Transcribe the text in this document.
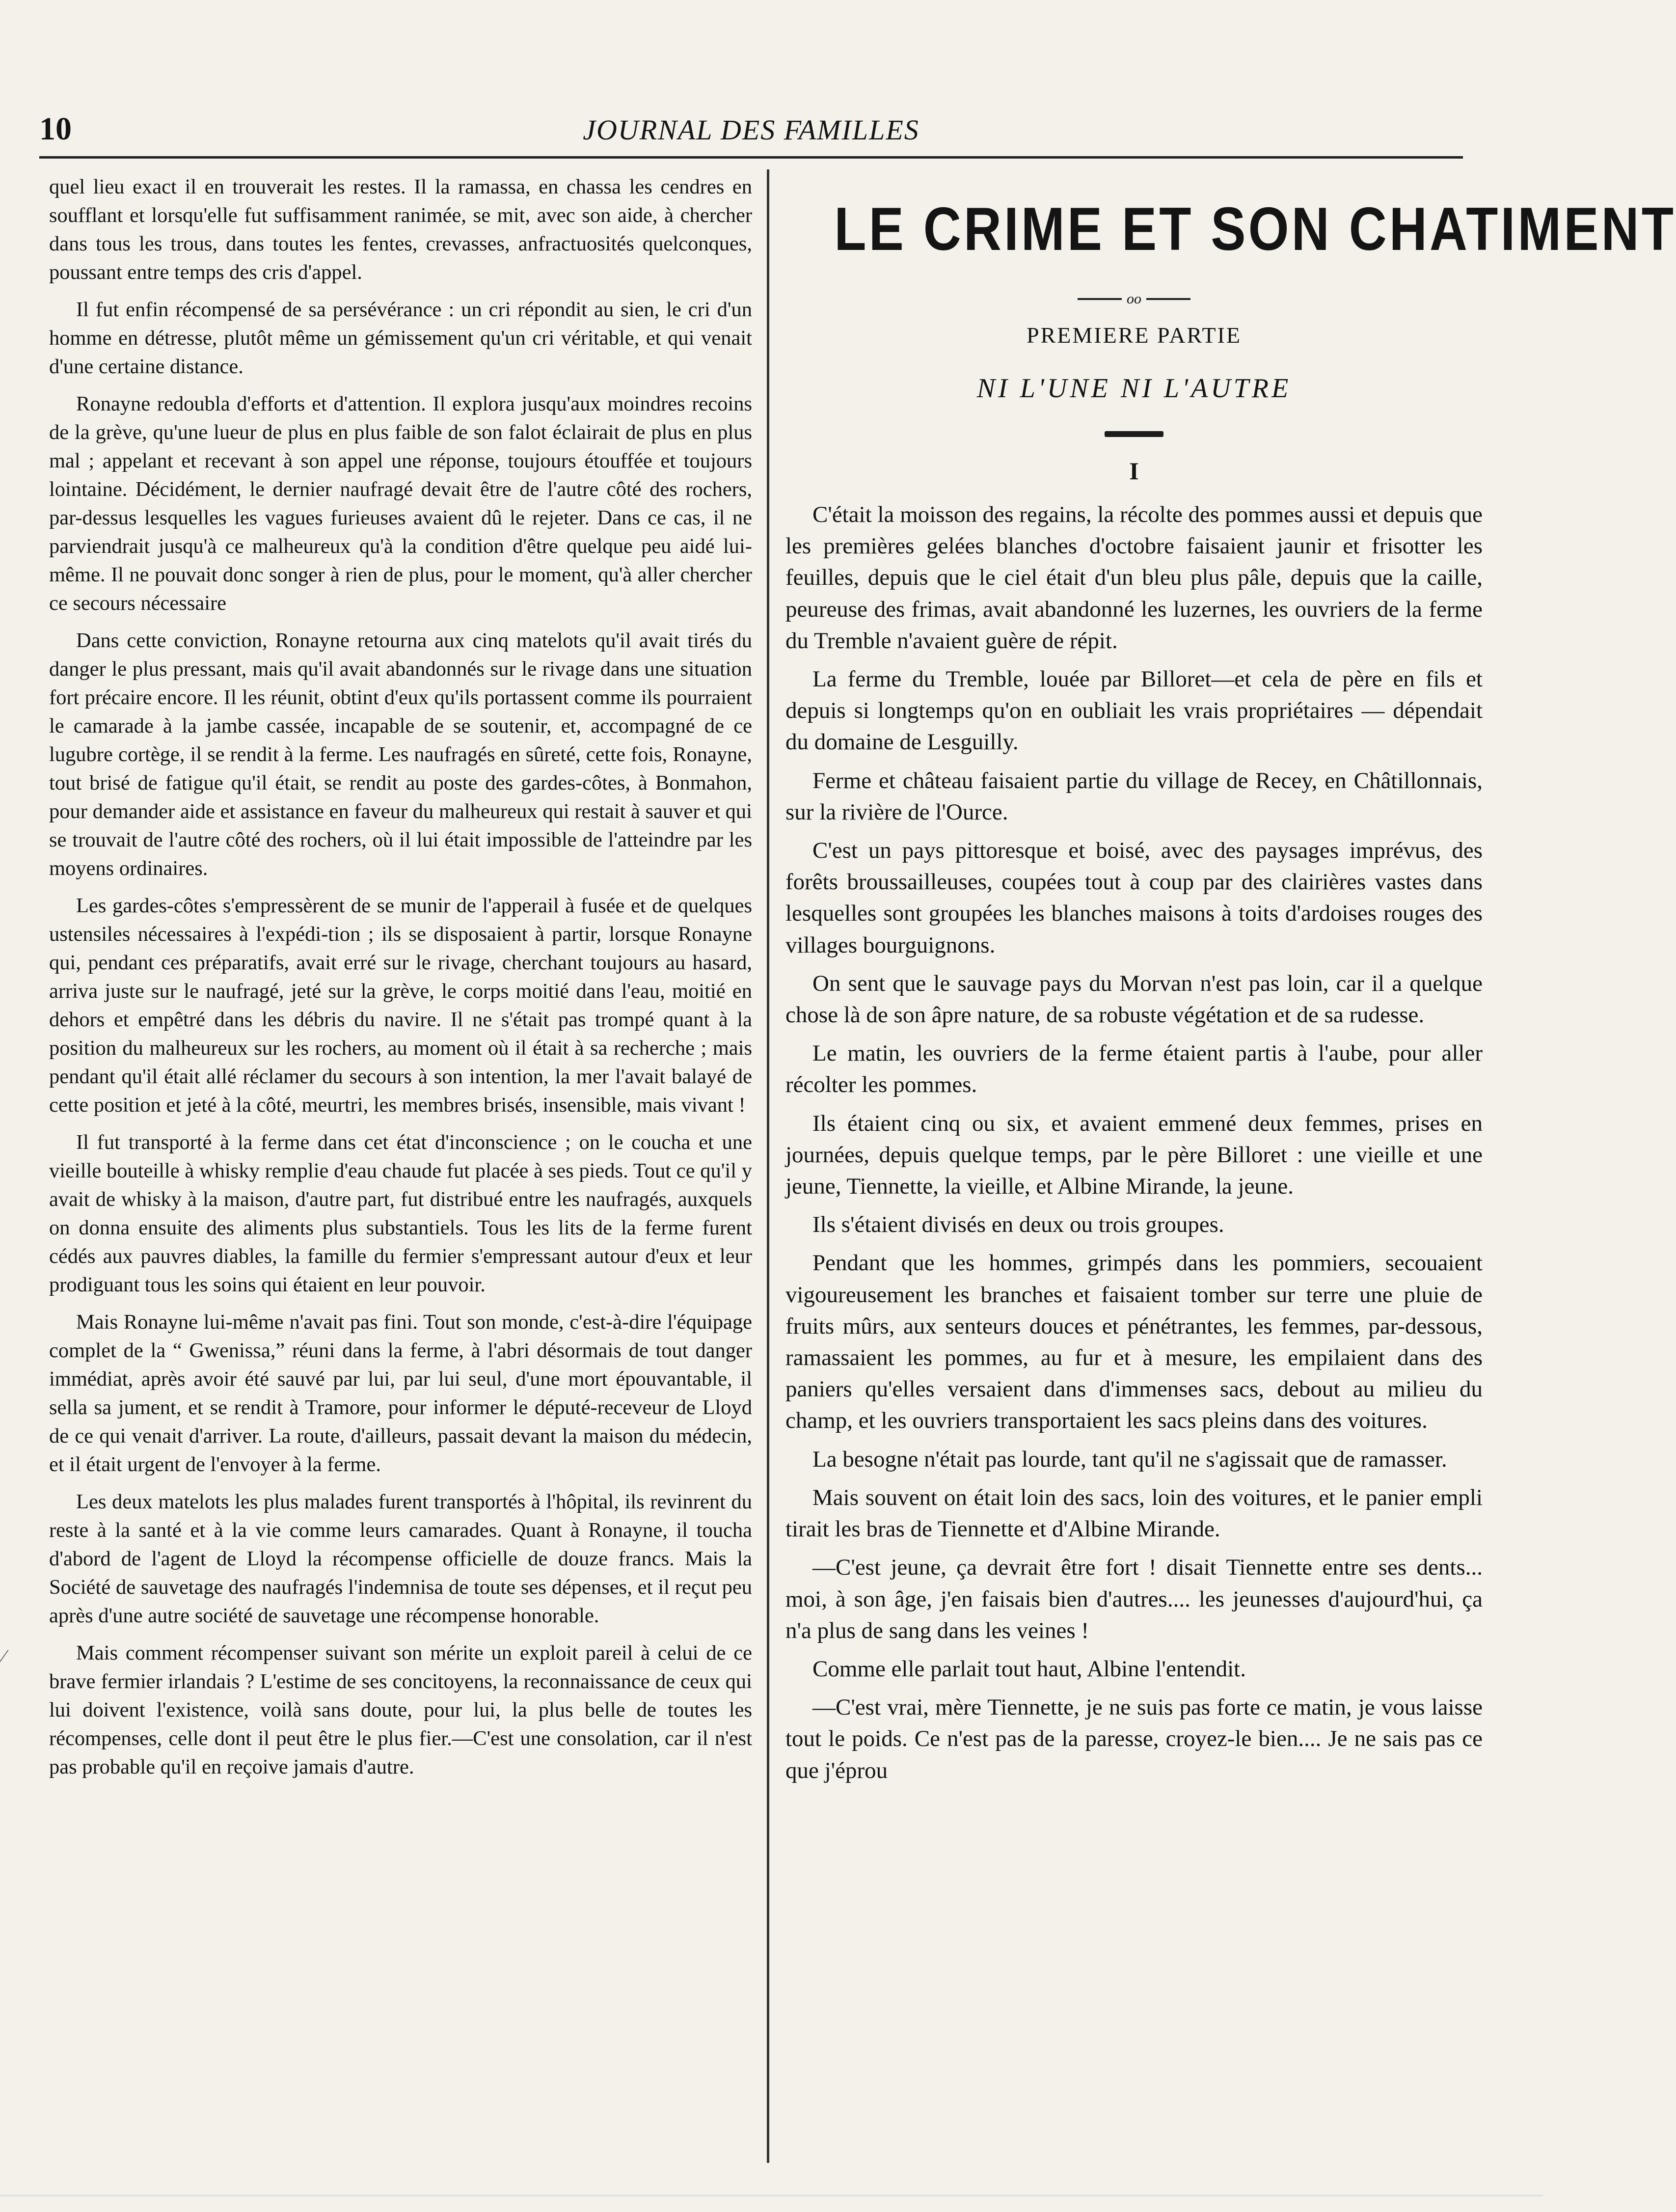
10	JOURNAL DES FAMILLES

quel lieu exact il en trouverait les restes. Il la ramassa, en chassa les cendres en soufflant et lorsqu'elle fut suffisamment ranimée, se mit, avec son aide, à chercher dans tous les trous, dans toutes les fentes, crevasses, anfractuosités quelconques, poussant entre temps des cris d'appel.

Il fut enfin récompensé de sa persévérance : un cri répondit au sien, le cri d'un homme en détresse, plutôt même un gémissement qu'un cri véritable, et qui venait d'une certaine distance.

Ronayne redoubla d'efforts et d'attention. Il explora jusqu'aux moindres recoins de la grève, qu'une lueur de plus en plus faible de son falot éclairait de plus en plus mal ; appelant et recevant à son appel une réponse, toujours étouffée et toujours lointaine. Décidément, le dernier naufragé devait être de l'autre côté des rochers, par-dessus lesquelles les vagues furieuses avaient dû le rejeter. Dans ce cas, il ne parviendrait jusqu'à ce malheureux qu'à la condition d'être quelque peu aidé lui-même. Il ne pouvait donc songer à rien de plus, pour le moment, qu'à aller chercher ce secours nécessaire

Dans cette conviction, Ronayne retourna aux cinq matelots qu'il avait tirés du danger le plus pressant, mais qu'il avait abandonnés sur le rivage dans une situation fort précaire encore. Il les réunit, obtint d'eux qu'ils portassent comme ils pourraient le camarade à la jambe cassée, incapable de se soutenir, et, accompagné de ce lugubre cortège, il se rendit à la ferme. Les naufragés en sûreté, cette fois, Ronayne, tout brisé de fatigue qu'il était, se rendit au poste des gardes-côtes, à Bonmahon, pour demander aide et assistance en faveur du malheureux qui restait à sauver et qui se trouvait de l'autre côté des rochers, où il lui était impossible de l'atteindre par les moyens ordinaires.

Les gardes-côtes s'empressèrent de se munir de l'apperail à fusée et de quelques ustensiles nécessaires à l'expédi-tion ; ils se disposaient à partir, lorsque Ronayne qui, pendant ces préparatifs, avait erré sur le rivage, cherchant toujours au hasard, arriva juste sur le naufragé, jeté sur la grève, le corps moitié dans l'eau, moitié en dehors et empêtré dans les débris du navire. Il ne s'était pas trompé quant à la position du malheureux sur les rochers, au moment où il était à sa recherche ; mais pendant qu'il était allé réclamer du secours à son intention, la mer l'avait balayé de cette position et jeté à la côté, meurtri, les membres brisés, insensible, mais vivant !

Il fut transporté à la ferme dans cet état d'inconscience ; on le coucha et une vieille bouteille à whisky remplie d'eau chaude fut placée à ses pieds. Tout ce qu'il y avait de whisky à la maison, d'autre part, fut distribué entre les naufragés, auxquels on donna ensuite des aliments plus substantiels. Tous les lits de la ferme furent cédés aux pauvres diables, la famille du fermier s'empressant autour d'eux et leur prodiguant tous les soins qui étaient en leur pouvoir.

Mais Ronayne lui-même n'avait pas fini. Tout son monde, c'est-à-dire l'équipage complet de la “ Gwenissa,” réuni dans la ferme, à l'abri désormais de tout danger immédiat, après avoir été sauvé par lui, par lui seul, d'une mort épouvantable, il sella sa jument, et se rendit à Tramore, pour informer le député-receveur de Lloyd de ce qui venait d'arriver. La route, d'ailleurs, passait devant la maison du médecin, et il était urgent de l'envoyer à la ferme.

Les deux matelots les plus malades furent transportés à l'hôpital, ils revinrent du reste à la santé et à la vie comme leurs camarades. Quant à Ronayne, il toucha d'abord de l'agent de Lloyd la récompense officielle de douze francs. Mais la Société de sauvetage des naufragés l'indemnisa de toute ses dépenses, et il reçut peu après d'une autre société de sauvetage une récompense honorable.

Mais comment récompenser suivant son mérite un exploit pareil à celui de ce brave fermier irlandais ? L'estime de ses concitoyens, la reconnaissance de ceux qui lui doivent l'existence, voilà sans doute, pour lui, la plus belle de toutes les récompenses, celle dont il peut être le plus fier.—C'est une consolation, car il n'est pas probable qu'il en reçoive jamais d'autre.

LE CRIME ET SON CHATIMENT
oo
PREMIERE PARTIE
NI L'UNE NI L'AUTRE
I

C'était la moisson des regains, la récolte des pommes aussi et depuis que les premières gelées blanches d'octobre faisaient jaunir et frisotter les feuilles, depuis que le ciel était d'un bleu plus pâle, depuis que la caille, peureuse des frimas, avait abandonné les luzernes, les ouvriers de la ferme du Tremble n'avaient guère de répit.

La ferme du Tremble, louée par Billoret—et cela de père en fils et depuis si longtemps qu'on en oubliait les vrais propriétaires — dépendait du domaine de Lesguilly.

Ferme et château faisaient partie du village de Recey, en Châtillonnais, sur la rivière de l'Ource.

C'est un pays pittoresque et boisé, avec des paysages imprévus, des forêts broussailleuses, coupées tout à coup par des clairières vastes dans lesquelles sont groupées les blanches maisons à toits d'ardoises rouges des villages bourguignons.

On sent que le sauvage pays du Morvan n'est pas loin, car il a quelque chose là de son âpre nature, de sa robuste végétation et de sa rudesse.

Le matin, les ouvriers de la ferme étaient partis à l'aube, pour aller récolter les pommes.

Ils étaient cinq ou six, et avaient emmené deux femmes, prises en journées, depuis quelque temps, par le père Billoret : une vieille et une jeune, Tiennette, la vieille, et Albine Mirande, la jeune.

Ils s'étaient divisés en deux ou trois groupes.

Pendant que les hommes, grimpés dans les pommiers, secouaient vigoureusement les branches et faisaient tomber sur terre une pluie de fruits mûrs, aux senteurs douces et pénétrantes, les femmes, par-dessous, ramassaient les pommes, au fur et à mesure, les empilaient dans des paniers qu'elles versaient dans d'immenses sacs, debout au milieu du champ, et les ouvriers transportaient les sacs pleins dans des voitures.

La besogne n'était pas lourde, tant qu'il ne s'agissait que de ramasser.

Mais souvent on était loin des sacs, loin des voitures, et le panier empli tirait les bras de Tiennette et d'Albine Mirande.

—C'est jeune, ça devrait être fort ! disait Tiennette entre ses dents... moi, à son âge, j'en faisais bien d'autres.... les jeunesses d'aujourd'hui, ça n'a plus de sang dans les veines !

Comme elle parlait tout haut, Albine l'entendit.

—C'est vrai, mère Tiennette, je ne suis pas forte ce matin, je vous laisse tout le poids. Ce n'est pas de la paresse, croyez-le bien.... Je ne sais pas ce que j'éprou

⁄
